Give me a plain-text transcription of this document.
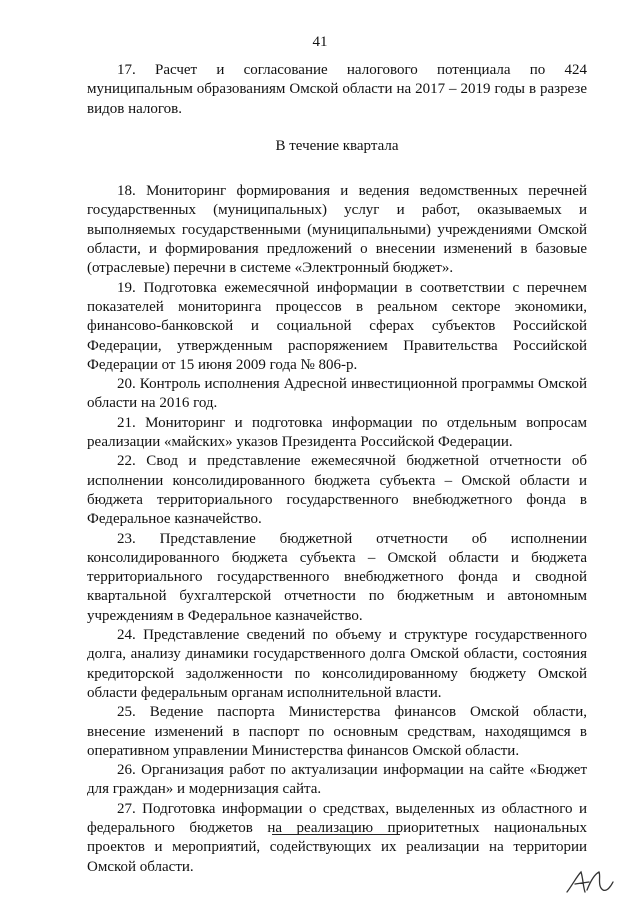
41

17. Расчет и согласование налогового потенциала по 424 муниципальным образованиям Омской области на 2017 – 2019 годы в разрезе видов налогов.

В течение квартала

18. Мониторинг формирования и ведения ведомственных перечней государственных (муниципальных) услуг и работ, оказываемых и выполняемых государственными (муниципальными) учреждениями Омской области, и формирования предложений о внесении изменений в базовые (отраслевые) перечни в системе «Электронный бюджет».

19. Подготовка ежемесячной информации в соответствии с перечнем показателей мониторинга процессов в реальном секторе экономики, финансово-банковской и социальной сферах субъектов Российской Федерации, утвержденным распоряжением Правительства Российской Федерации от 15 июня 2009 года № 806-р.

20. Контроль исполнения Адресной инвестиционной программы Омской области на 2016 год.

21. Мониторинг и подготовка информации по отдельным вопросам реализации «майских» указов Президента Российской Федерации.

22. Свод и представление ежемесячной бюджетной отчетности об исполнении консолидированного бюджета субъекта – Омской области и бюджета территориального государственного внебюджетного фонда в Федеральное казначейство.

23. Представление бюджетной отчетности об исполнении консолидированного бюджета субъекта – Омской области и бюджета территориального государственного внебюджетного фонда и сводной квартальной бухгалтерской отчетности по бюджетным и автономным учреждениям в Федеральное казначейство.

24. Представление сведений по объему и структуре государственного долга, анализу динамики государственного долга Омской области, состояния кредиторской задолженности по консолидированному бюджету Омской области федеральным органам исполнительной власти.

25. Ведение паспорта Министерства финансов Омской области, внесение изменений в паспорт по основным средствам, находящимся в оперативном управлении Министерства финансов Омской области.

26. Организация работ по актуализации информации на сайте «Бюджет для граждан» и модернизация сайта.

27. Подготовка информации о средствах, выделенных из областного и федерального бюджетов на реализацию приоритетных национальных проектов и мероприятий, содействующих их реализации на территории Омской области.
